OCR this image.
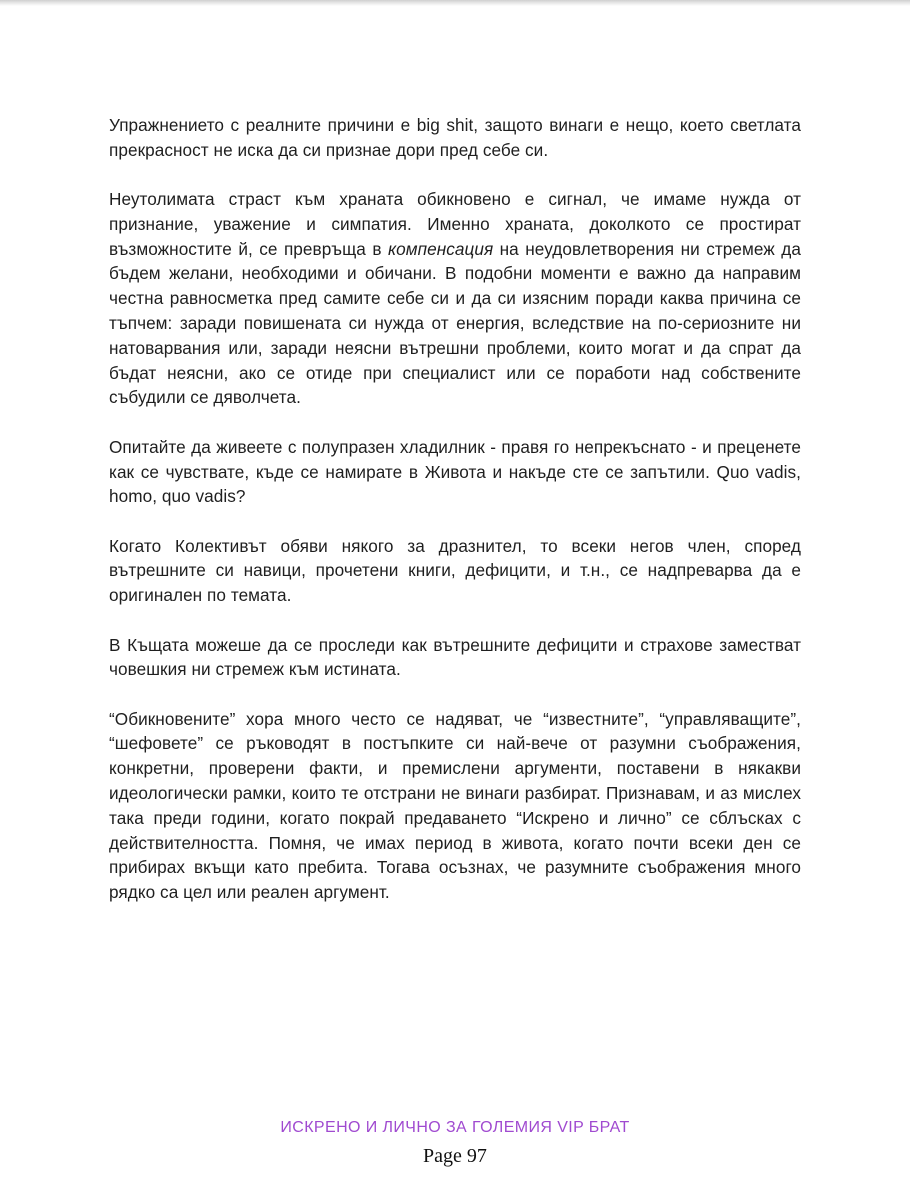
Упражнението с реалните причини е big shit, защото винаги е нещо, което светлата прекрасност не иска да си признае дори пред себе си.

Неутолимата страст към храната обикновено е сигнал, че имаме нужда от признание, уважение и симпатия. Именно храната, доколкото се простират възможностите й, се превръща в компенсация на неудовлетворения ни стремеж да бъдем желани, необходими и обичани. В подобни моменти е важно да направим честна равносметка пред самите себе си и да си изясним поради каква причина се тъпчем: заради повишената си нужда от енергия, вследствие на по-сериозните ни натоварвания или, заради неясни вътрешни проблеми, които могат и да спрат да бъдат неясни, ако се отиде при специалист или се поработи над собствените събудили се дяволчета.

Опитайте да живеете с полупразен хладилник - правя го непрекъснато - и преценете как се чувствате, къде се намирате в Живота и накъде сте се запътили. Quo vadis, homo, quo vadis?

Когато Колективът обяви някого за дразнител, то всеки негов член, според вътрешните си навици, прочетени книги, дефицити, и т.н., се надпреварва да е оригинален по темата.

В Къщата можеше да се проследи как вътрешните дефицити и страхове заместват човешкия ни стремеж към истината.

“Обикновените” хора много често се надяват, че “известните”, “управляващите”, “шефовете” се ръководят в постъпките си най-вече от разумни съображения, конкретни, проверени факти, и премислени аргументи, поставени в някакви идеологически рамки, които те отстрани не винаги разбират. Признавам, и аз мислех така преди години, когато покрай предаването “Искрено и лично” се сблъсках с действителността. Помня, че имах период в живота, когато почти всеки ден се прибирах вкъщи като пребита. Тогава осъзнах, че разумните съображения много рядко са цел или реален аргумент.

ИСКРЕНО И ЛИЧНО ЗА ГОЛЕМИЯ VIP БРАТ
Page 97
